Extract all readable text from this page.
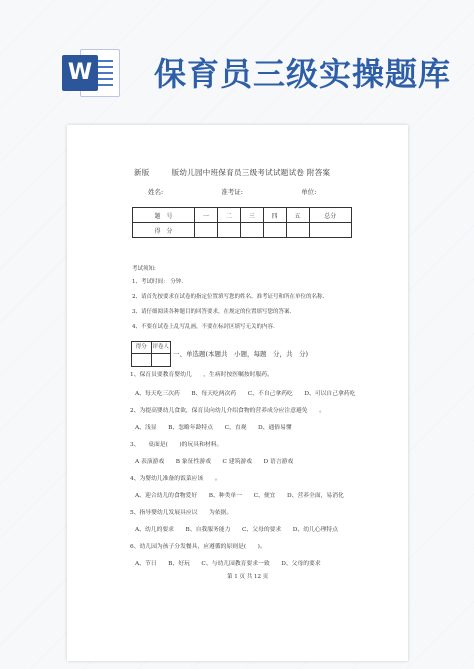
W 保育员三级实操题库
新版	版幼儿园中班保育员三级考试试题试卷 附答案
姓名:	准考证:	单位:
题　号	一	二	三	四	五	总分
得　分						
考试须知:
1、考试时间： 分钟.
2、请首先按要求在试卷的指定位置填写您的姓名、准考证号和所在单位的名称.
3、请仔细阅读各种题目的回答要求，在规定的位置填写您的答案.
4、不要在试卷上乱写乱画，不要在标封区填写无关的内容.
得分	评卷人
一、单选题(本题共　小题，每题　分，共　分)
1、保育员要教育婴幼儿　　，生病时按医嘱按时服药。
A、每天吃三次药　　B、每天吃两次药　　C、不自己拿药吃　　D、可以自己拿药吃
2、为提高婴幼儿食欲，保育员向幼儿介绍食物的营养成分应注意避免　　。
A、浅显　　B、忽略年龄特点　　C、直观　　D、通俗易懂
3、　　桌面是(　　)的玩具和材料。
A 表演游戏　　B 象征性游戏　　C 建筑游戏　　D 语言游戏
4、为婴幼儿准备的饭菜应该　　。
A、迎合幼儿的食物爱好　　B、种类单一　　C、便宜　　D、营养全面，易消化
5、指导婴幼儿发展具应以　　为依据。
A、幼儿的要求　　B、自我服务能力　　C、父母的要求　　D、幼儿心理特点
6、幼儿园为孩子分发餐具，应遵循的原则是(　　)。
A、节日　　B、好玩　　C、与幼儿园教育要求一致　　D、父母的要求
第 1 页 共 12 页
